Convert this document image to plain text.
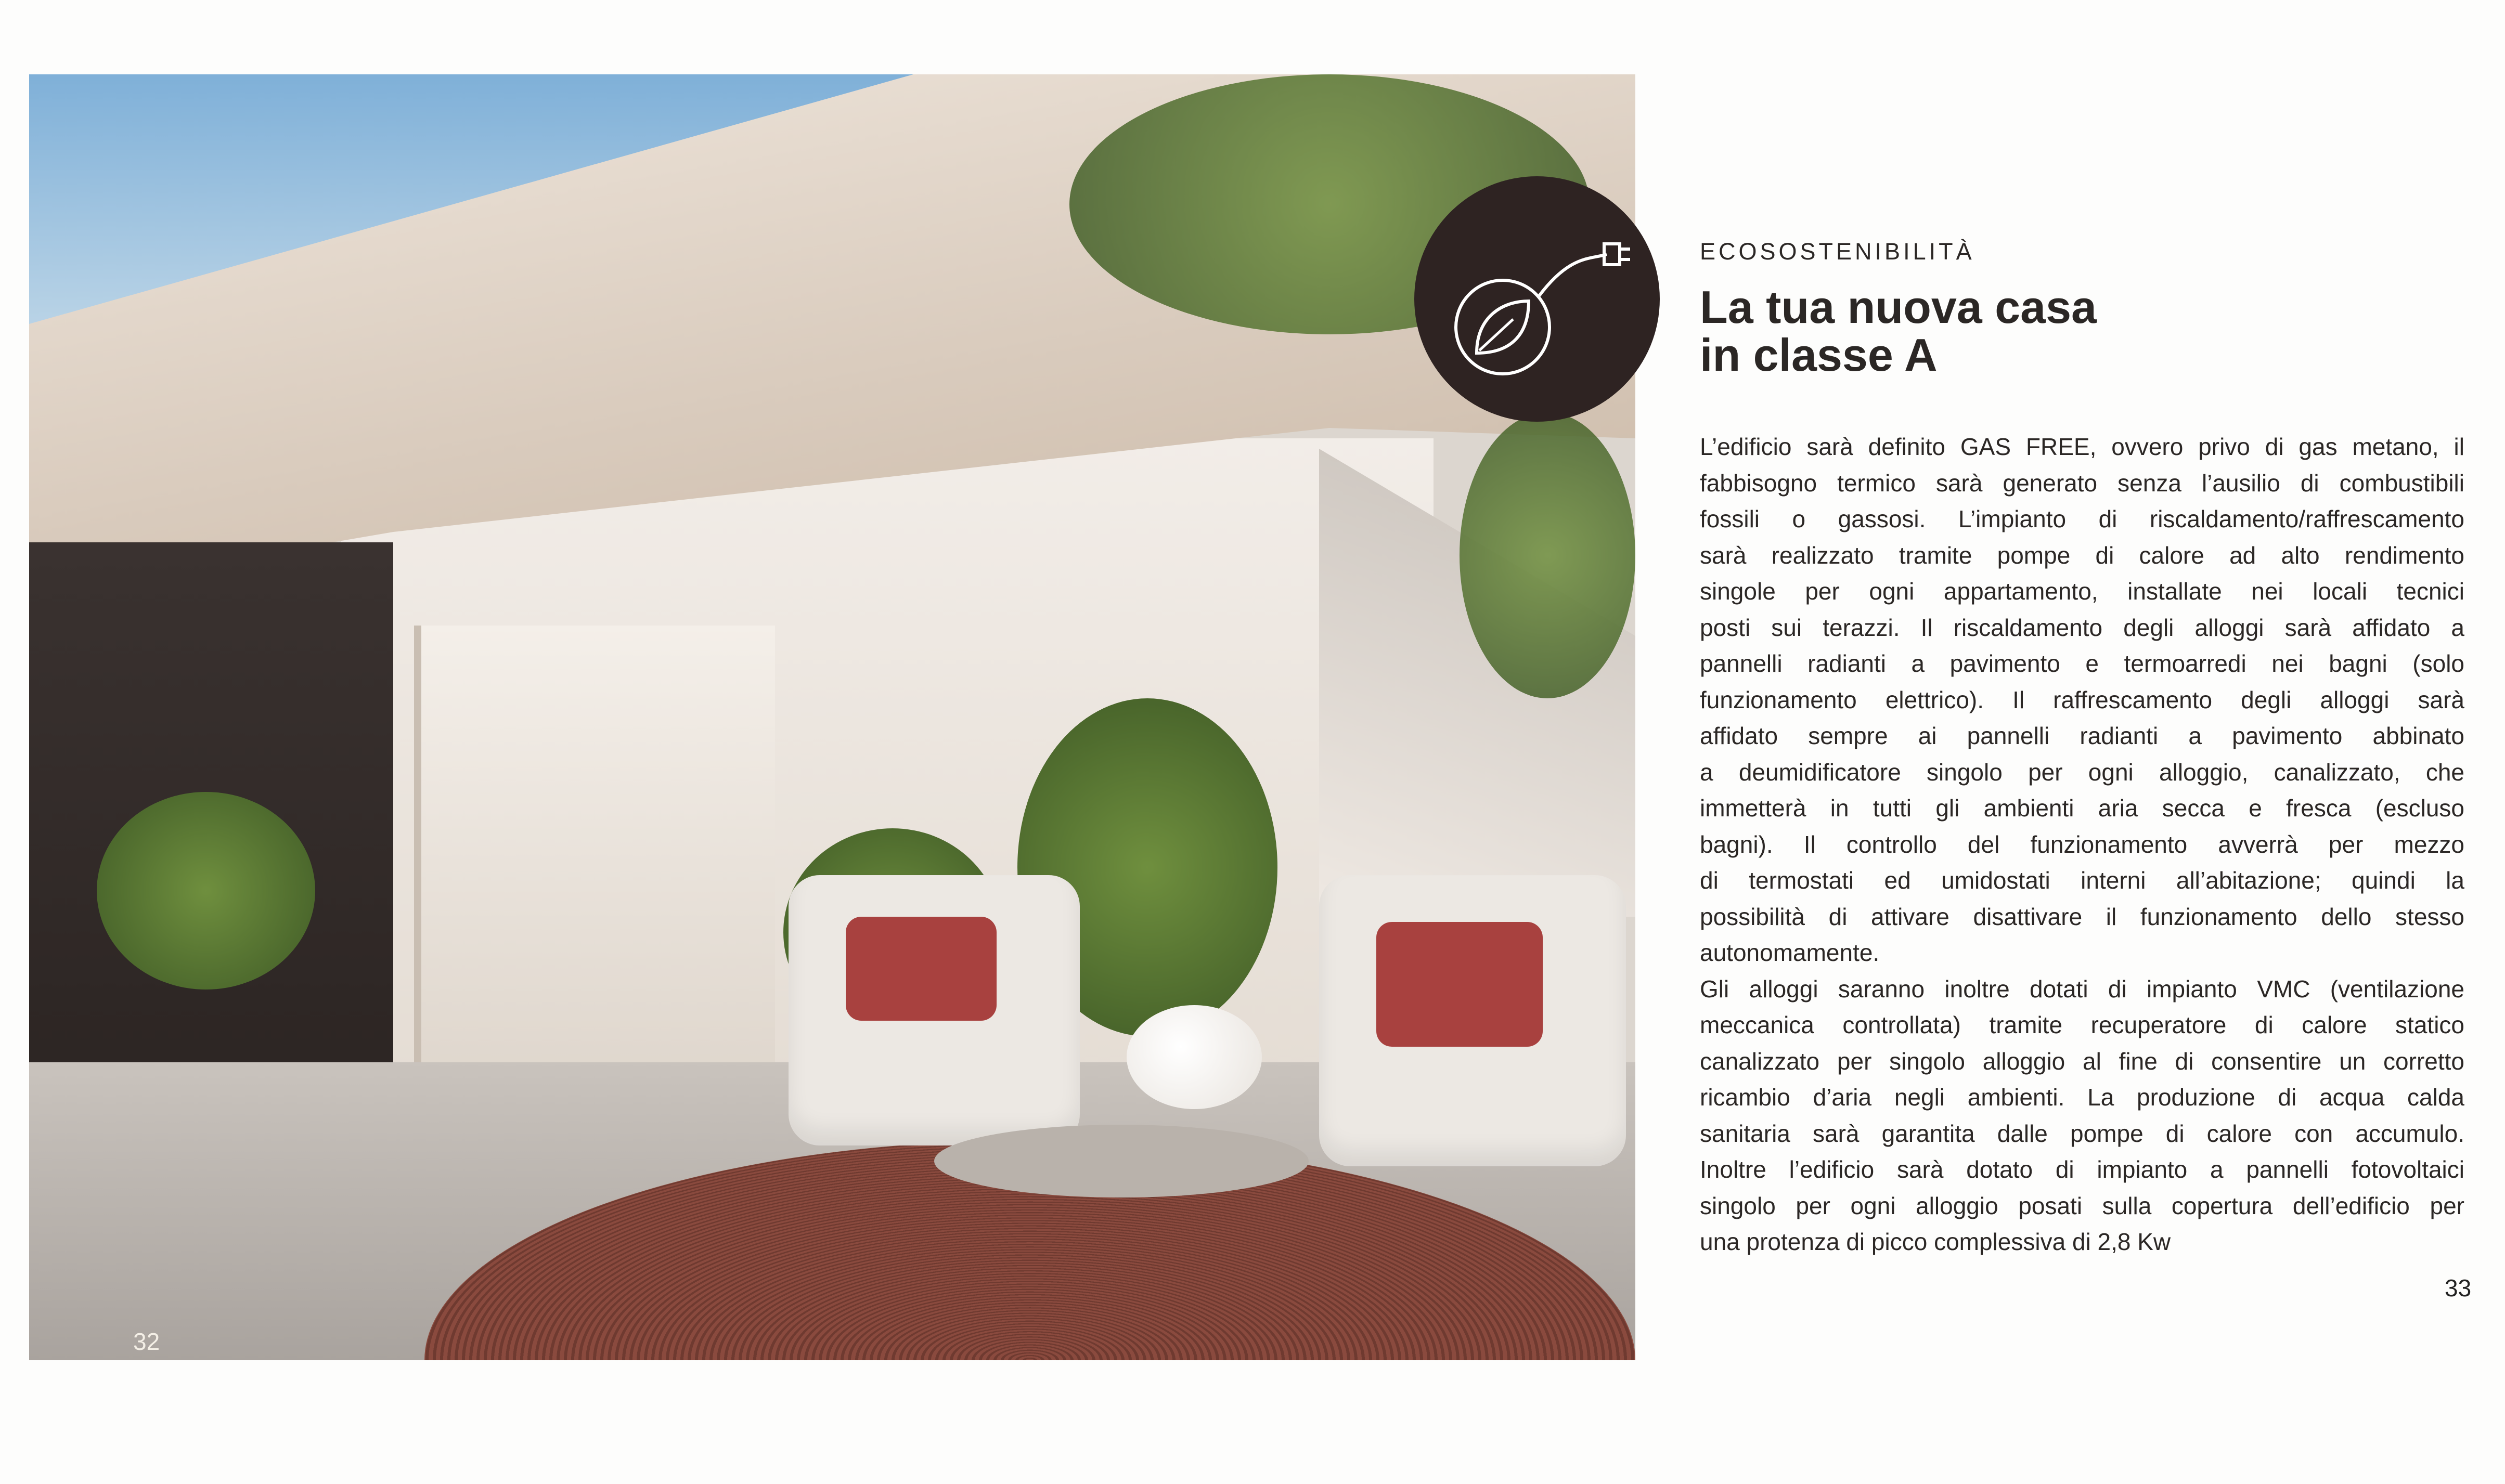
32
ECOSOSTENIBILITÀ
La tua nuova casa
in classe A
L’edificio sarà definito GAS FREE, ovvero privo di gas metano, il
fabbisogno termico sarà generato senza l’ausilio di combustibili
fossili o gassosi. L’impianto di riscaldamento/raffrescamento
sarà realizzato tramite pompe di calore ad alto rendimento
singole per ogni appartamento, installate nei locali tecnici
posti sui terazzi. Il riscaldamento degli alloggi sarà affidato a
pannelli radianti a pavimento e termoarredi nei bagni (solo
funzionamento elettrico). Il raffrescamento degli alloggi sarà
affidato sempre ai pannelli radianti a pavimento abbinato
a deumidificatore singolo per ogni alloggio, canalizzato, che
immetterà in tutti gli ambienti aria secca e fresca (escluso
bagni). Il controllo del funzionamento avverrà per mezzo
di termostati ed umidostati interni all’abitazione; quindi la
possibilità di attivare disattivare il funzionamento dello stesso
autonomamente.
Gli alloggi saranno inoltre dotati di impianto VMC (ventilazione
meccanica controllata) tramite recuperatore di calore statico
canalizzato per singolo alloggio al fine di consentire un corretto
ricambio d’aria negli ambienti. La produzione di acqua calda
sanitaria sarà garantita dalle pompe di calore con accumulo.
Inoltre l’edificio sarà dotato di impianto a pannelli fotovoltaici
singolo per ogni alloggio posati sulla copertura dell’edificio per
una protenza di picco complessiva di 2,8 Kw
33
